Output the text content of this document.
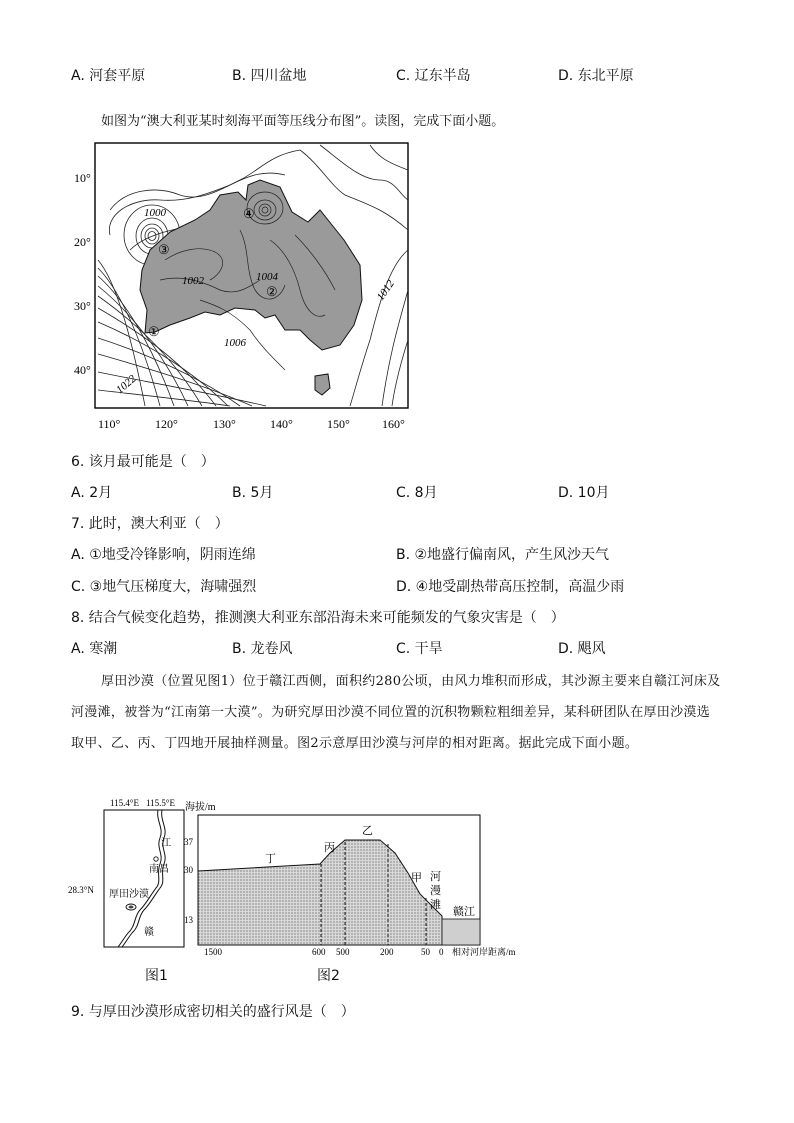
A. 河套平原	B. 四川盆地	C. 辽东半岛	D. 东北平原
如图为“澳大利亚某时刻海平面等压线分布图”。读图，完成下面小题。
10°
20°
30°
40°
110°	120°	130°	140°	150°	160°
1000
1002	1004
1006
1012
1022
①
②
③
④
6. 该月最可能是（　）
A. 2月	B. 5月	C. 8月	D. 10月
7. 此时，澳大利亚（　）
A. ①地受冷锋影响，阴雨连绵	B. ②地盛行偏南风，产生风沙天气
C. ③地气压梯度大，海啸强烈	D. ④地受副热带高压控制，高温少雨
8. 结合气候变化趋势，推测澳大利亚东部沿海未来可能频发的气象灾害是（　）
A. 寒潮	B. 龙卷风	C. 干旱	D. 飓风
厚田沙漠（位置见图1）位于赣江西侧，面积约280公顷，由风力堆积而形成，其沙源主要来自赣江河床及河漫滩，被誉为“江南第一大漠”。为研究厚田沙漠不同位置的沉积物颗粒粗细差异，某科研团队在厚田沙漠选取甲、乙、丙、丁四地开展抽样测量。图2示意厚田沙漠与河岸的相对距离。据此完成下面小题。
115.4°E 115.5°E
28.3°N
江
南昌
厚田沙漠
赣
图1
海拔/m
37
30
13
1500	600 500	200	50 0 相对河岸距离/m
丁
丙
乙
甲 河
漫
滩
赣江
图2
9. 与厚田沙漠形成密切相关的盛行风是（　）
